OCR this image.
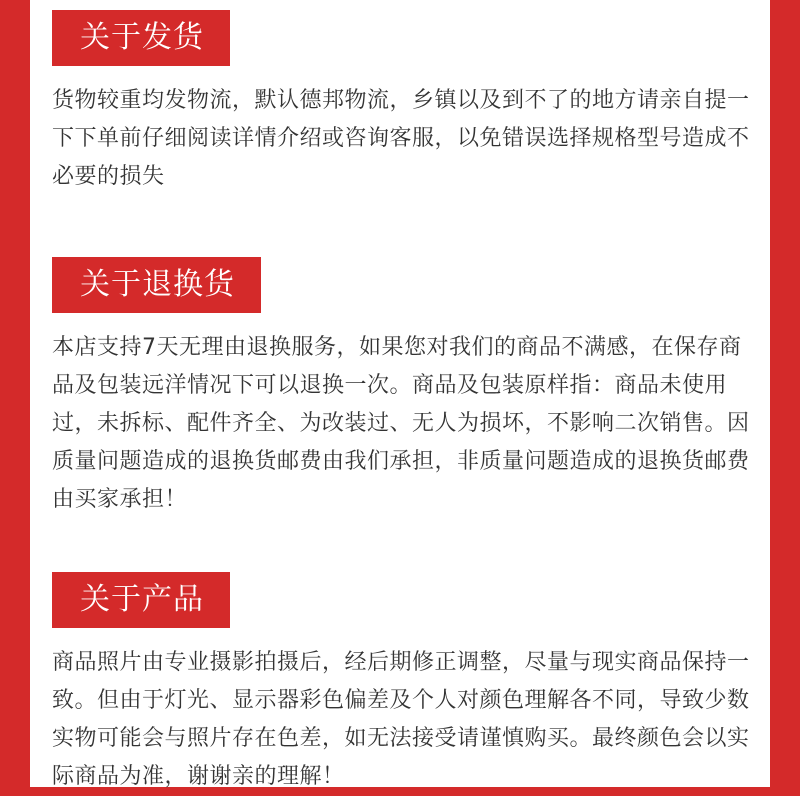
关于发货

货物较重均发物流，默认德邦物流，乡镇以及到不了的地方请亲自提一下下单前仔细阅读详情介绍或咨询客服，以免错误选择规格型号造成不必要的损失

关于退换货

本店支持7天无理由退换服务，如果您对我们的商品不满感，在保存商品及包装远洋情况下可以退换一次。商品及包装原样指：商品未使用过，未拆标、配件齐全、为改装过、无人为损坏，不影响二次销售。因质量问题造成的退换货邮费由我们承担，非质量问题造成的退换货邮费由买家承担！

关于产品

商品照片由专业摄影拍摄后，经后期修正调整，尽量与现实商品保持一致。但由于灯光、显示器彩色偏差及个人对颜色理解各不同，导致少数实物可能会与照片存在色差，如无法接受请谨慎购买。最终颜色会以实际商品为准，谢谢亲的理解！
